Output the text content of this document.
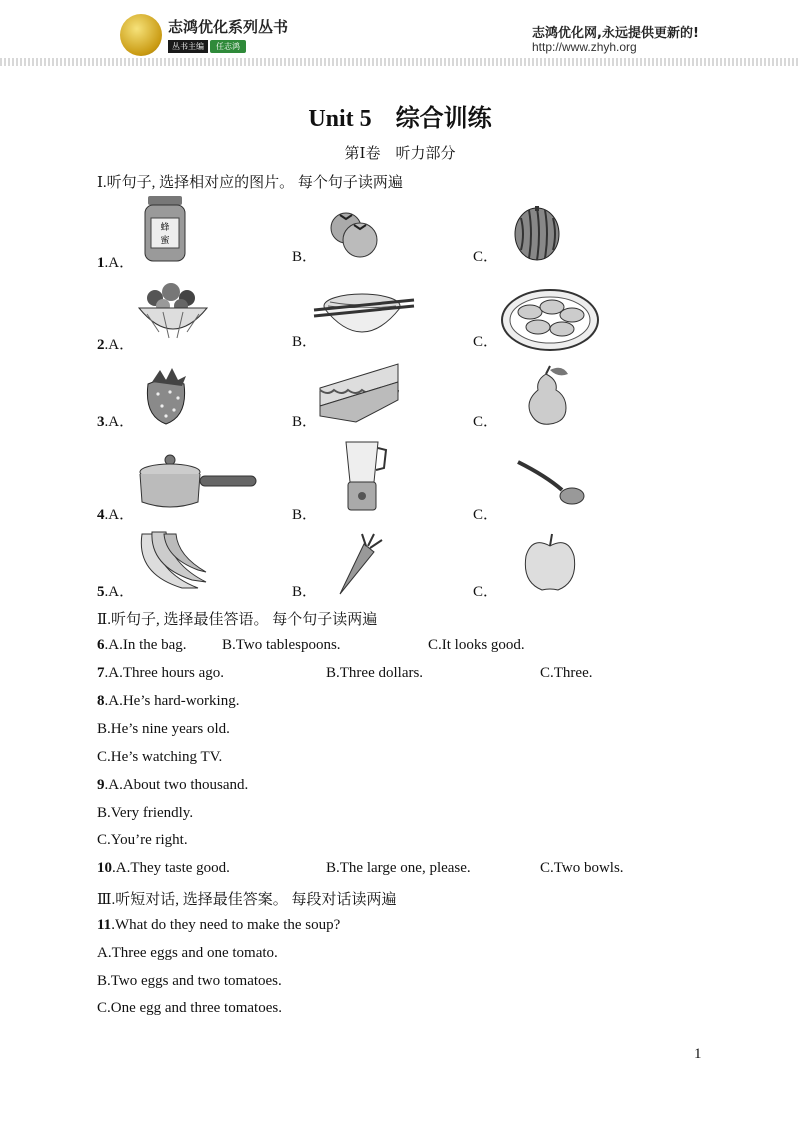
志鸿优化系列丛书
丛书主编	任志鸿
志鸿优化网,永远提供更新的!
http://www.zhyh.org
Unit 5　综合训练
第Ⅰ卷　听力部分
Ⅰ.听句子, 选择相对应的图片。 每个句子读两遍
1.A．	B．	C．
蜂
蜜
2.A．	B．	C．
3.A．	B．	C．
4.A．	B．	C．
5.A．	B．	C．
Ⅱ.听句子, 选择最佳答语。 每个句子读两遍
6.A.In the bag. B.Two tablespoons.	C.It looks good.
7.A.Three hours ago.	B.Three dollars.	C.Three.
8.A.He’s hard-working.
B.He’s nine years old.
C.He’s watching TV.
9.A.About two thousand.
B.Very friendly.
C.You’re right.
10.A.They taste good.	B.The large one, please.	C.Two bowls.
Ⅲ.听短对话, 选择最佳答案。 每段对话读两遍
11.What do they need to make the soup?
A.Three eggs and one tomato.
B.Two eggs and two tomatoes.
C.One egg and three tomatoes.
1
